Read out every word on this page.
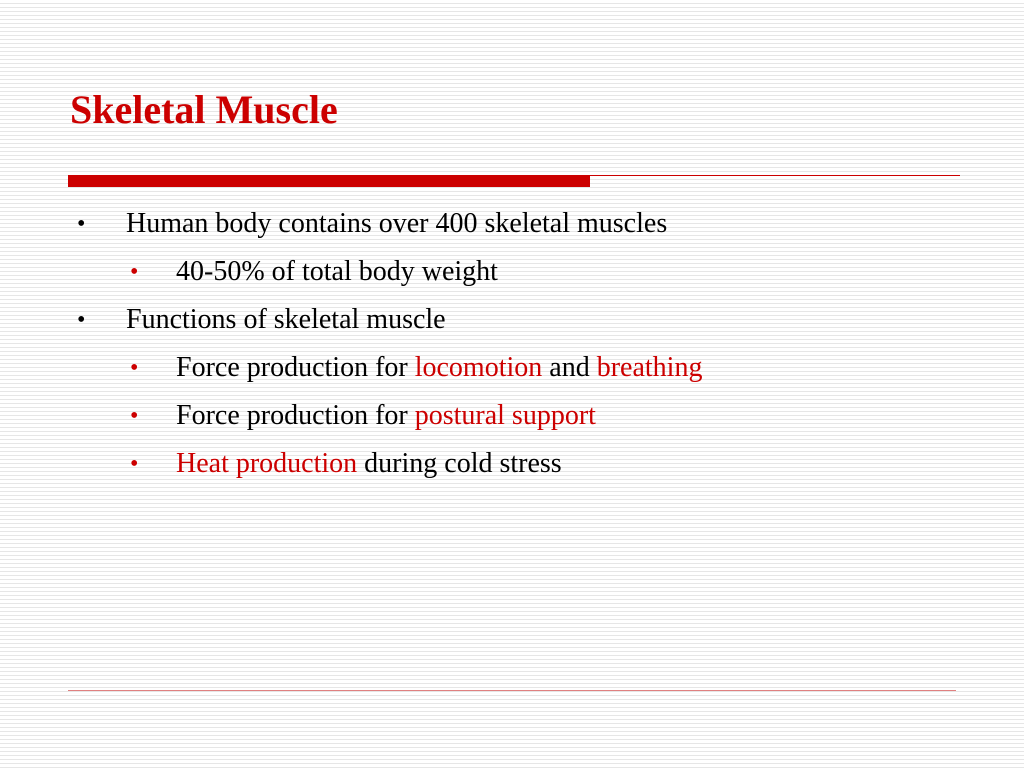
Skeletal Muscle
• Human body contains over 400 skeletal muscles
• 40-50% of total body weight
• Functions of skeletal muscle
• Force production for locomotion and breathing
• Force production for postural support
• Heat production during cold stress
